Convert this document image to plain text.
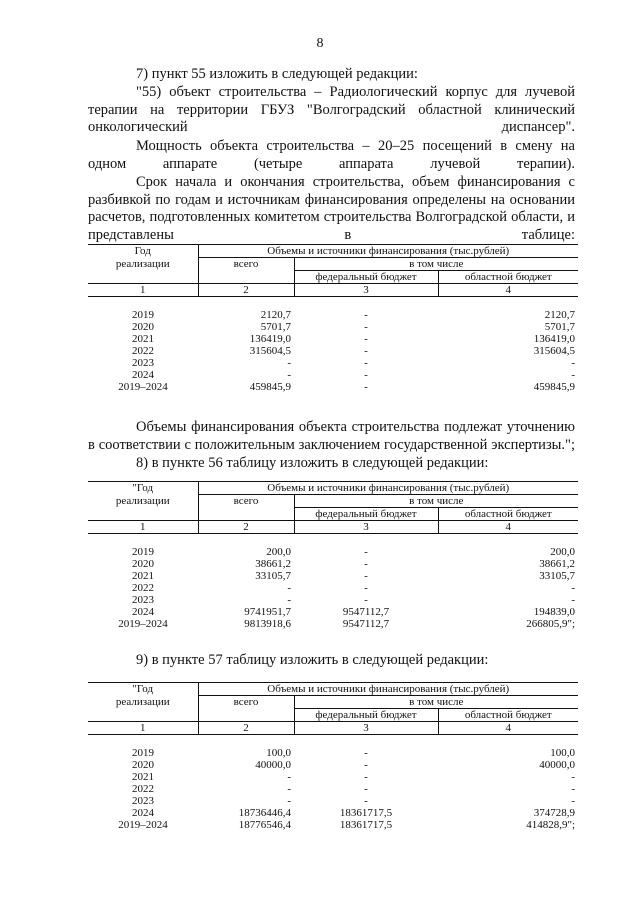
8

7) пункт 55 изложить в следующей редакции:

"55) объект строительства – Радиологический корпус для лучевой терапии на территории ГБУЗ "Волгоградский областной клинический онкологический диспансер".

Мощность объекта строительства – 20–25 посещений в смену на одном аппарате (четыре аппарата лучевой терапии).

Срок начала и окончания строительства, объем финансирования с разбивкой по годам и источникам финансирования определены на основании расчетов, подготовленных комитетом строительства Волгоградской области, и представлены в таблице:

Год	Объемы и источники финансирования (тыс.рублей)		
реализации	всего	в том числе	
		федеральный бюджет	областной бюджет
1	2	3	4

2019	2120,7	-	2120,7
2020	5701,7	-	5701,7
2021	136419,0	-	136419,0
2022	315604,5	-	315604,5
2023	-	-	-
2024	-	-	-
2019–2024	459845,9	-	459845,9

Объемы финансирования объекта строительства подлежат уточнению в соответствии с положительным заключением государственной экспертизы.";

8) в пункте 56 таблицу изложить в следующей редакции:

"Год	Объемы и источники финансирования (тыс.рублей)		
реализации	всего	в том числе	
		федеральный бюджет	областной бюджет
1	2	3	4

2019	200,0	-	200,0
2020	38661,2	-	38661,2
2021	33105,7	-	33105,7
2022	-	-	-
2023	-	-	-
2024	9741951,7	9547112,7	194839,0
2019–2024	9813918,6	9547112,7	266805,9";

9) в пункте 57 таблицу изложить в следующей редакции:

"Год	Объемы и источники финансирования (тыс.рублей)		
реализации	всего	в том числе	
		федеральный бюджет	областной бюджет
1	2	3	4

2019	100,0	-	100,0
2020	40000,0	-	40000,0
2021	-	-	-
2022	-	-	-
2023	-	-	-
2024	18736446,4	18361717,5	374728,9
2019–2024	18776546,4	18361717,5	414828,9";
